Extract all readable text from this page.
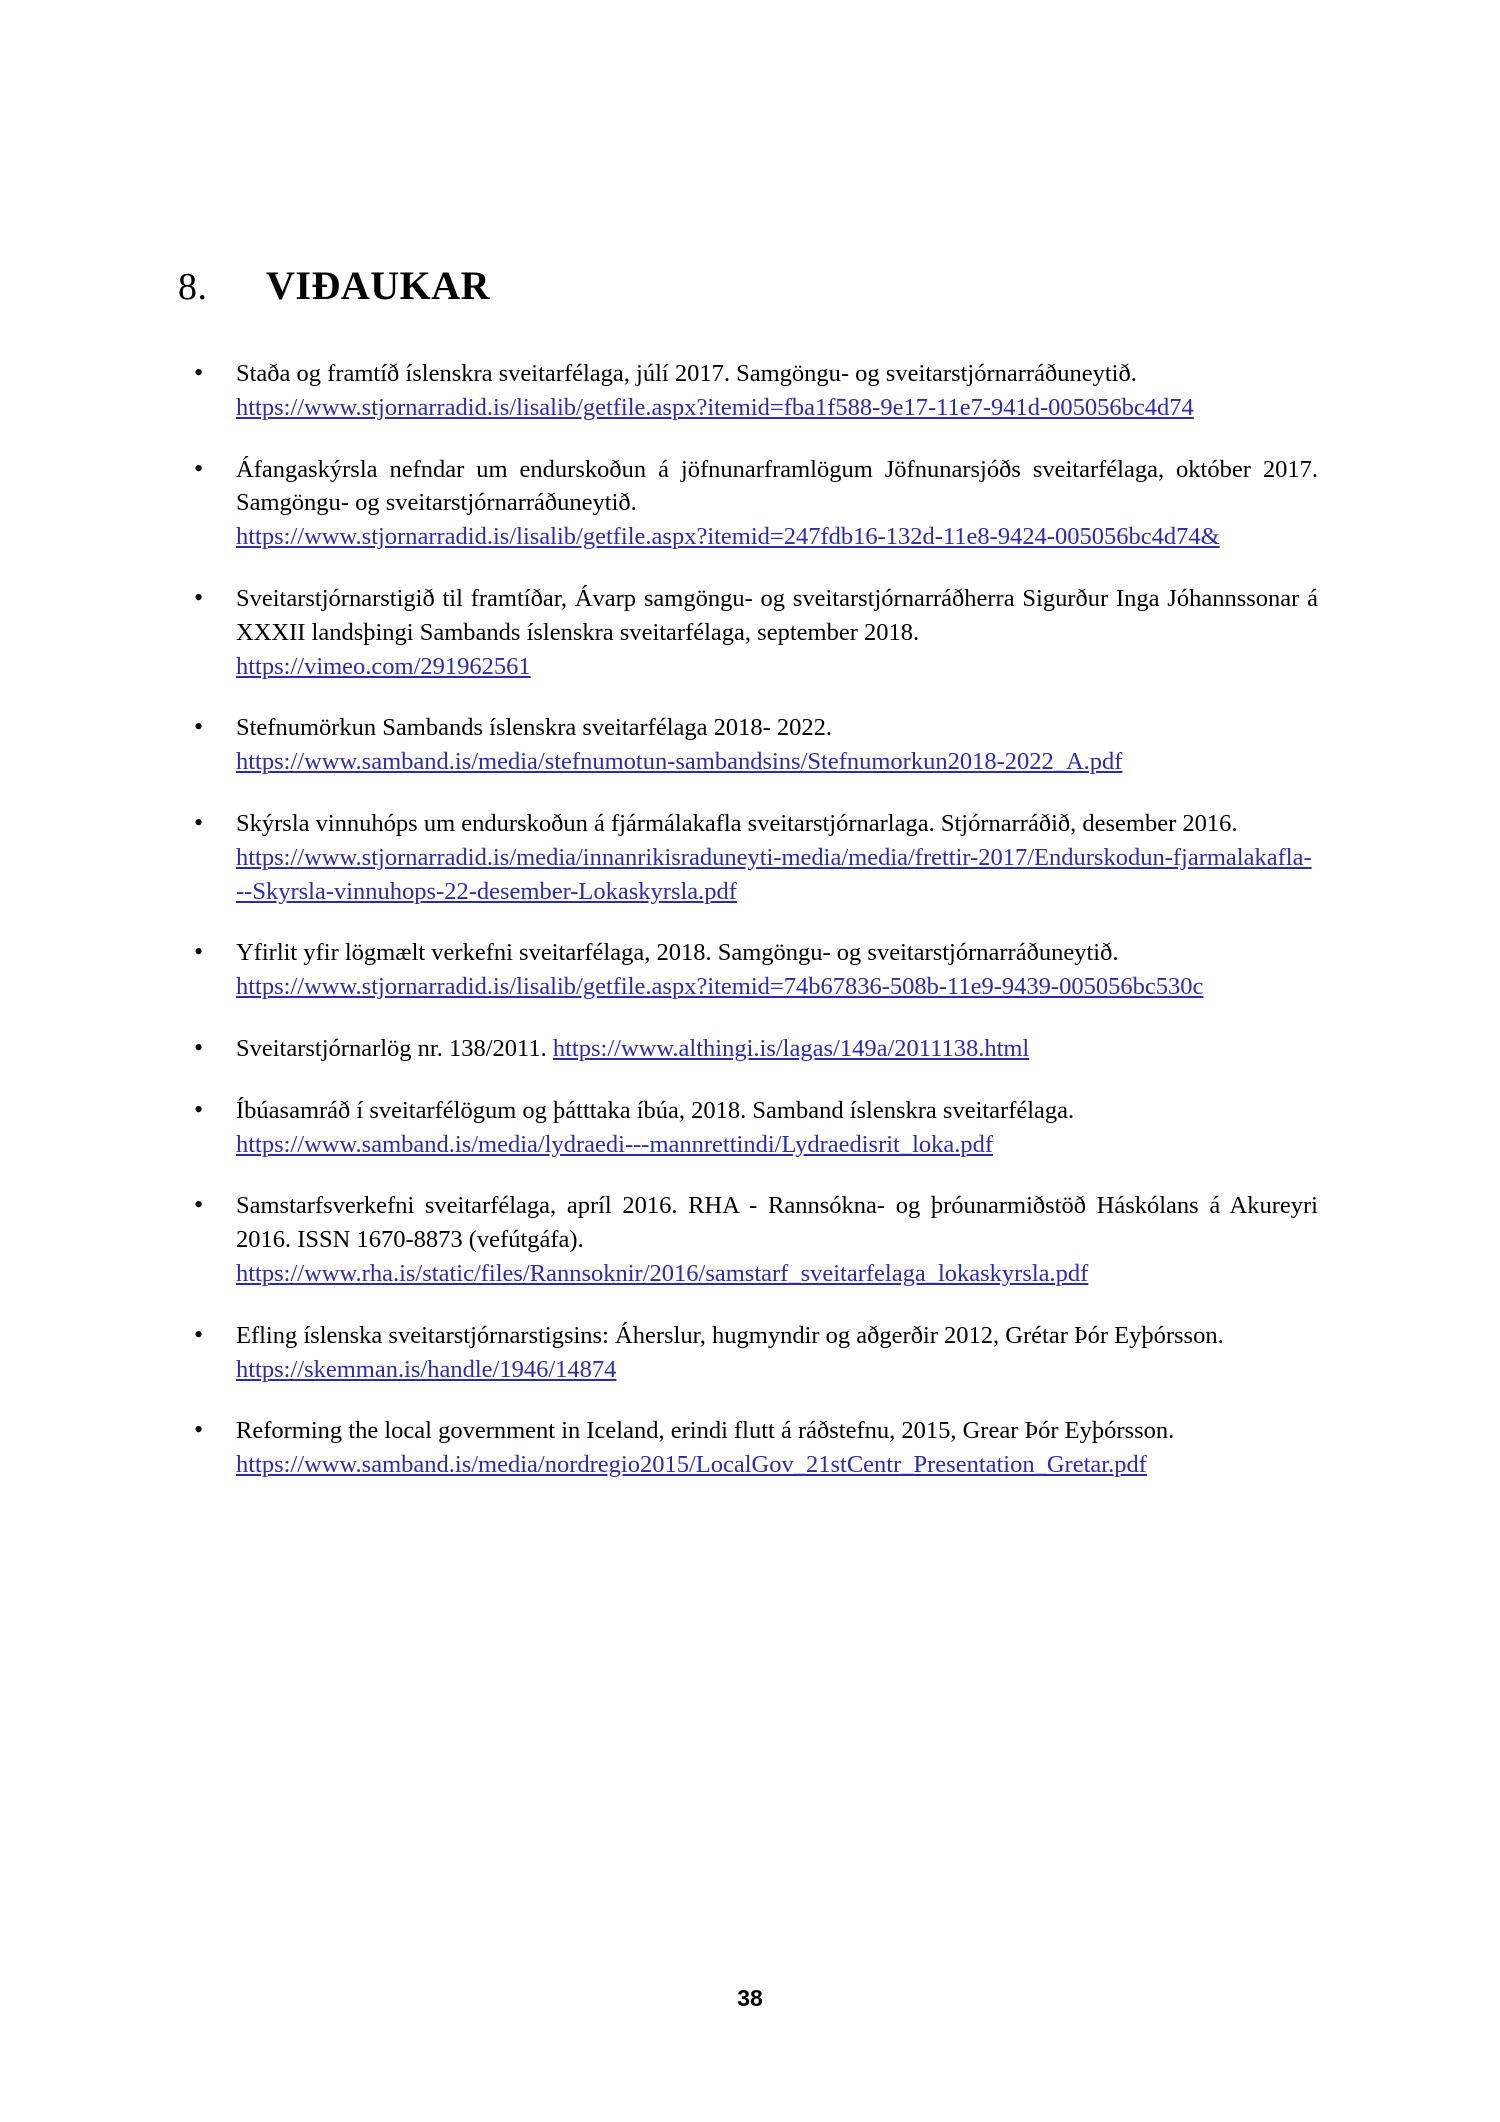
8.	VIÐAUKAR
• Staða og framtíð íslenskra sveitarfélaga, júlí 2017. Samgöngu- og sveitarstjórnarráðuneytið.
https://www.stjornarradid.is/lisalib/getfile.aspx?itemid=fba1f588-9e17-11e7-941d-005056bc4d74
• Áfangaskýrsla nefndar um endurskoðun á jöfnunarframlögum Jöfnunarsjóðs sveitarfélaga, október 2017. Samgöngu- og sveitarstjórnarráðuneytið.
https://www.stjornarradid.is/lisalib/getfile.aspx?itemid=247fdb16-132d-11e8-9424-005056bc4d74&
• Sveitarstjórnarstigið til framtíðar, Ávarp samgöngu- og sveitarstjórnarráðherra Sigurður Inga Jóhannssonar á XXXII landsþingi Sambands íslenskra sveitarfélaga, september 2018.
https://vimeo.com/291962561
• Stefnumörkun Sambands íslenskra sveitarfélaga 2018- 2022.
https://www.samband.is/media/stefnumotun-sambandsins/Stefnumorkun2018-2022_A.pdf
• Skýrsla vinnuhóps um endurskoðun á fjármálakafla sveitarstjórnarlaga. Stjórnarráðið, desember 2016.
https://www.stjornarradid.is/media/innanrikisraduneyti-media/media/frettir-2017/Endurskodun-fjarmalakafla---Skyrsla-vinnuhops-22-desember-Lokaskyrsla.pdf
• Yfirlit yfir lögmælt verkefni sveitarfélaga, 2018. Samgöngu- og sveitarstjórnarráðuneytið.
https://www.stjornarradid.is/lisalib/getfile.aspx?itemid=74b67836-508b-11e9-9439-005056bc530c
• Sveitarstjórnarlög nr. 138/2011. https://www.althingi.is/lagas/149a/2011138.html
• Íbúasamráð í sveitarfélögum og þátttaka íbúa, 2018. Samband íslenskra sveitarfélaga.
https://www.samband.is/media/lydraedi---mannrettindi/Lydraedisrit_loka.pdf
• Samstarfsverkefni sveitarfélaga, apríl 2016. RHA - Rannsókna- og þróunarmiðstöð Háskólans á Akureyri 2016. ISSN 1670-8873 (vefútgáfa).
https://www.rha.is/static/files/Rannsoknir/2016/samstarf_sveitarfelaga_lokaskyrsla.pdf
• Efling íslenska sveitarstjórnarstigsins: Áherslur, hugmyndir og aðgerðir 2012, Grétar Þór Eyþórsson.
https://skemman.is/handle/1946/14874
• Reforming the local government in Iceland, erindi flutt á ráðstefnu, 2015, Grear Þór Eyþórsson.
https://www.samband.is/media/nordregio2015/LocalGov_21stCentr_Presentation_Gretar.pdf
38
